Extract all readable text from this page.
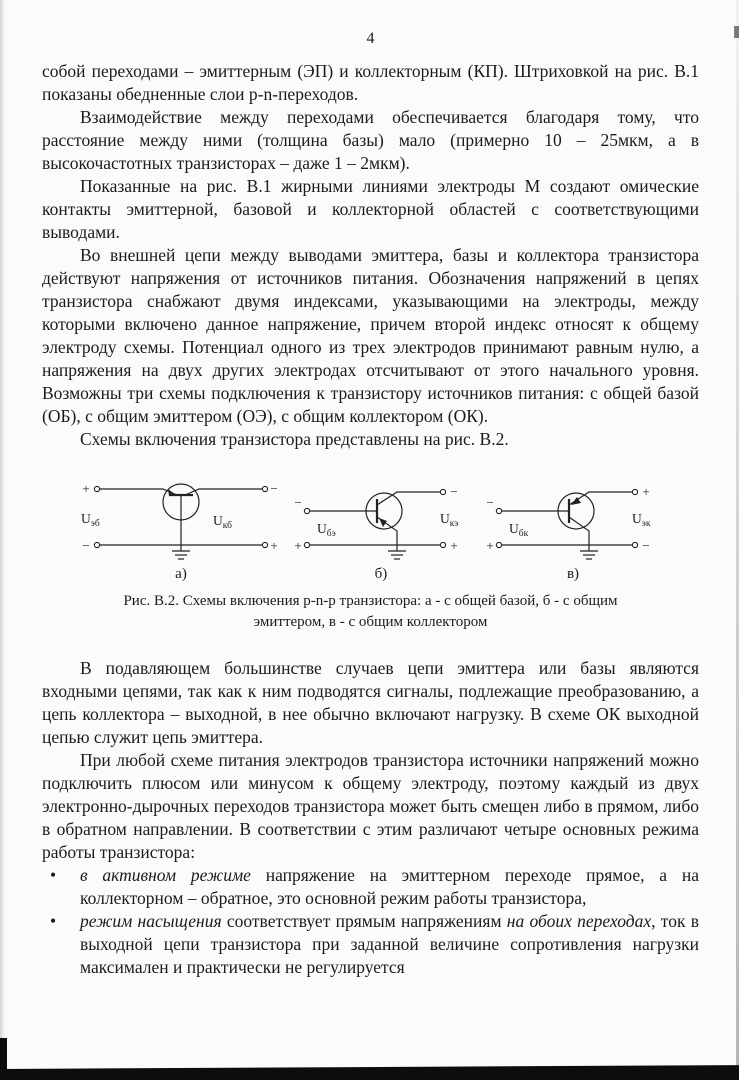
4

собой переходами – эмиттерным (ЭП) и коллекторным (КП). Штриховкой на рис. В.1 показаны обедненные слои p-n-переходов.

Взаимодействие между переходами обеспечивается благодаря тому, что расстояние между ними (толщина базы) мало (примерно 10 – 25мкм, а в высокочастотных транзисторах – даже 1 – 2мкм).

Показанные на рис. В.1 жирными линиями электроды М создают омические контакты эмиттерной, базовой и коллекторной областей с соответствующими выводами.

Во внешней цепи между выводами эмиттера, базы и коллектора транзистора действуют напряжения от источников питания. Обозначения напряжений в цепях транзистора снабжают двумя индексами, указывающими на электроды, между которыми включено данное напряжение, причем второй индекс относят к общему электроду схемы. Потенциал одного из трех электродов принимают равным нулю, а напряжения на двух других электродах отсчитывают от этого начального уровня. Возможны три схемы подключения к транзистору источников питания: с общей базой (ОБ), с общим эмиттером (ОЭ), с общим коллектором (ОК).

Схемы включения транзистора представлены на рис. В.2.

+
−
−
+
$U_{эб}$	$U_{кб}$
а)
−
+
−
+
$U_{бэ}$
$U_{кэ}$
б)
−
+
+
−
$U_{бк}$
$U_{эк}$
в)
Рис. В.2. Схемы включения p-n-p транзистора: а - с общей базой, б - с общим эмиттером, в - с общим коллектором

В подавляющем большинстве случаев цепи эмиттера или базы являются входными цепями, так как к ним подводятся сигналы, подлежащие преобразованию, а цепь коллектора – выходной, в нее обычно включают нагрузку. В схеме ОК выходной цепью служит цепь эмиттера.

При любой схеме питания электродов транзистора источники напряжений можно подключить плюсом или минусом к общему электроду, поэтому каждый из двух электронно-дырочных переходов транзистора может быть смещен либо в прямом, либо в обратном направлении. В соответствии с этим различают четыре основных режима работы транзистора:

•	в активном режиме напряжение на эмиттерном переходе прямое, а на коллекторном – обратное, это основной режим работы транзистора,
•	режим насыщения соответствует прямым напряжениям на обоих переходах, ток в выходной цепи транзистора при заданной величине сопротивления нагрузки максимален и практически не регулируется
